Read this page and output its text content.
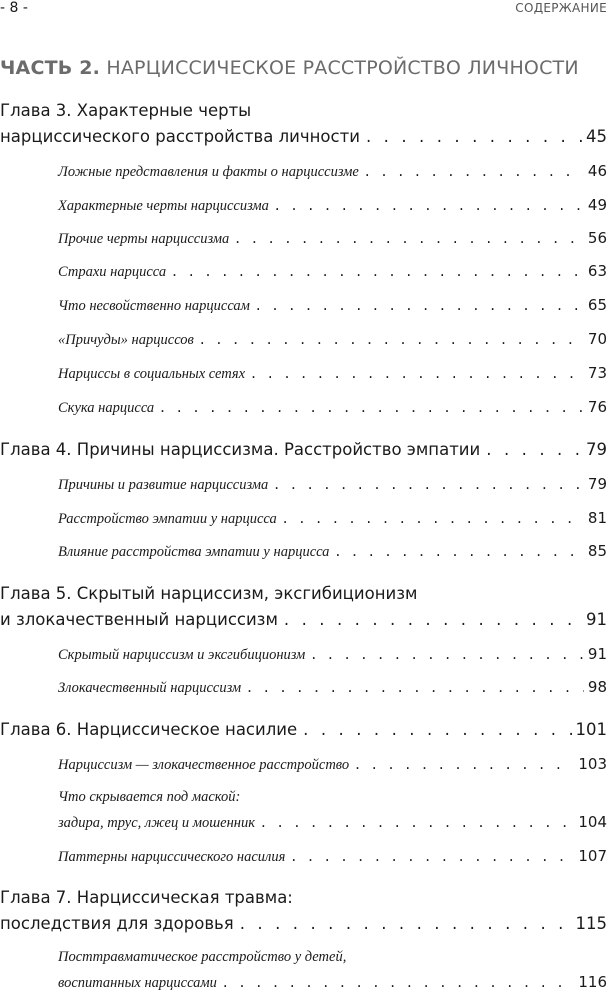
- 8 -	СОДЕРЖАНИЕ
ЧАСТЬ 2. НАРЦИССИЧЕСКОЕ РАССТРОЙСТВО ЛИЧНОСТИ
Глава 3. Характерные черты
нарциссического расстройства личности . . .	45
Ложные представления и факты о нарциссизме . . .	46
Характерные черты нарциссизма . . .	49
Прочие черты нарциссизма . . .	56
Страхи нарцисса . . .	63
Что несвойственно нарциссам . . .	65
«Причуды» нарциссов . . .	70
Нарциссы в социальных сетях . . .	73
Скука нарцисса . . .	76
Глава 4. Причины нарциссизма. Расстройство эмпатии . . .	79
Причины и развитие нарциссизма . . .	79
Расстройство эмпатии у нарцисса . . .	81
Влияние расстройства эмпатии у нарцисса . . .	85
Глава 5. Скрытый нарциссизм, эксгибиционизм
и злокачественный нарциссизм . . .	91
Скрытый нарциссизм и эксгибиционизм . . .	91
Злокачественный нарциссизм . . .	98
Глава 6. Нарциссическое насилие . . .	101
Нарциссизм — злокачественное расстройство . . .	103
Что скрывается под маской:
задира, трус, лжец и мошенник . . .	104
Паттерны нарциссического насилия . . .	107
Глава 7. Нарциссическая травма:
последствия для здоровья . . .	115
Посттравматическое расстройство у детей,
воспитанных нарциссами . . .	116
